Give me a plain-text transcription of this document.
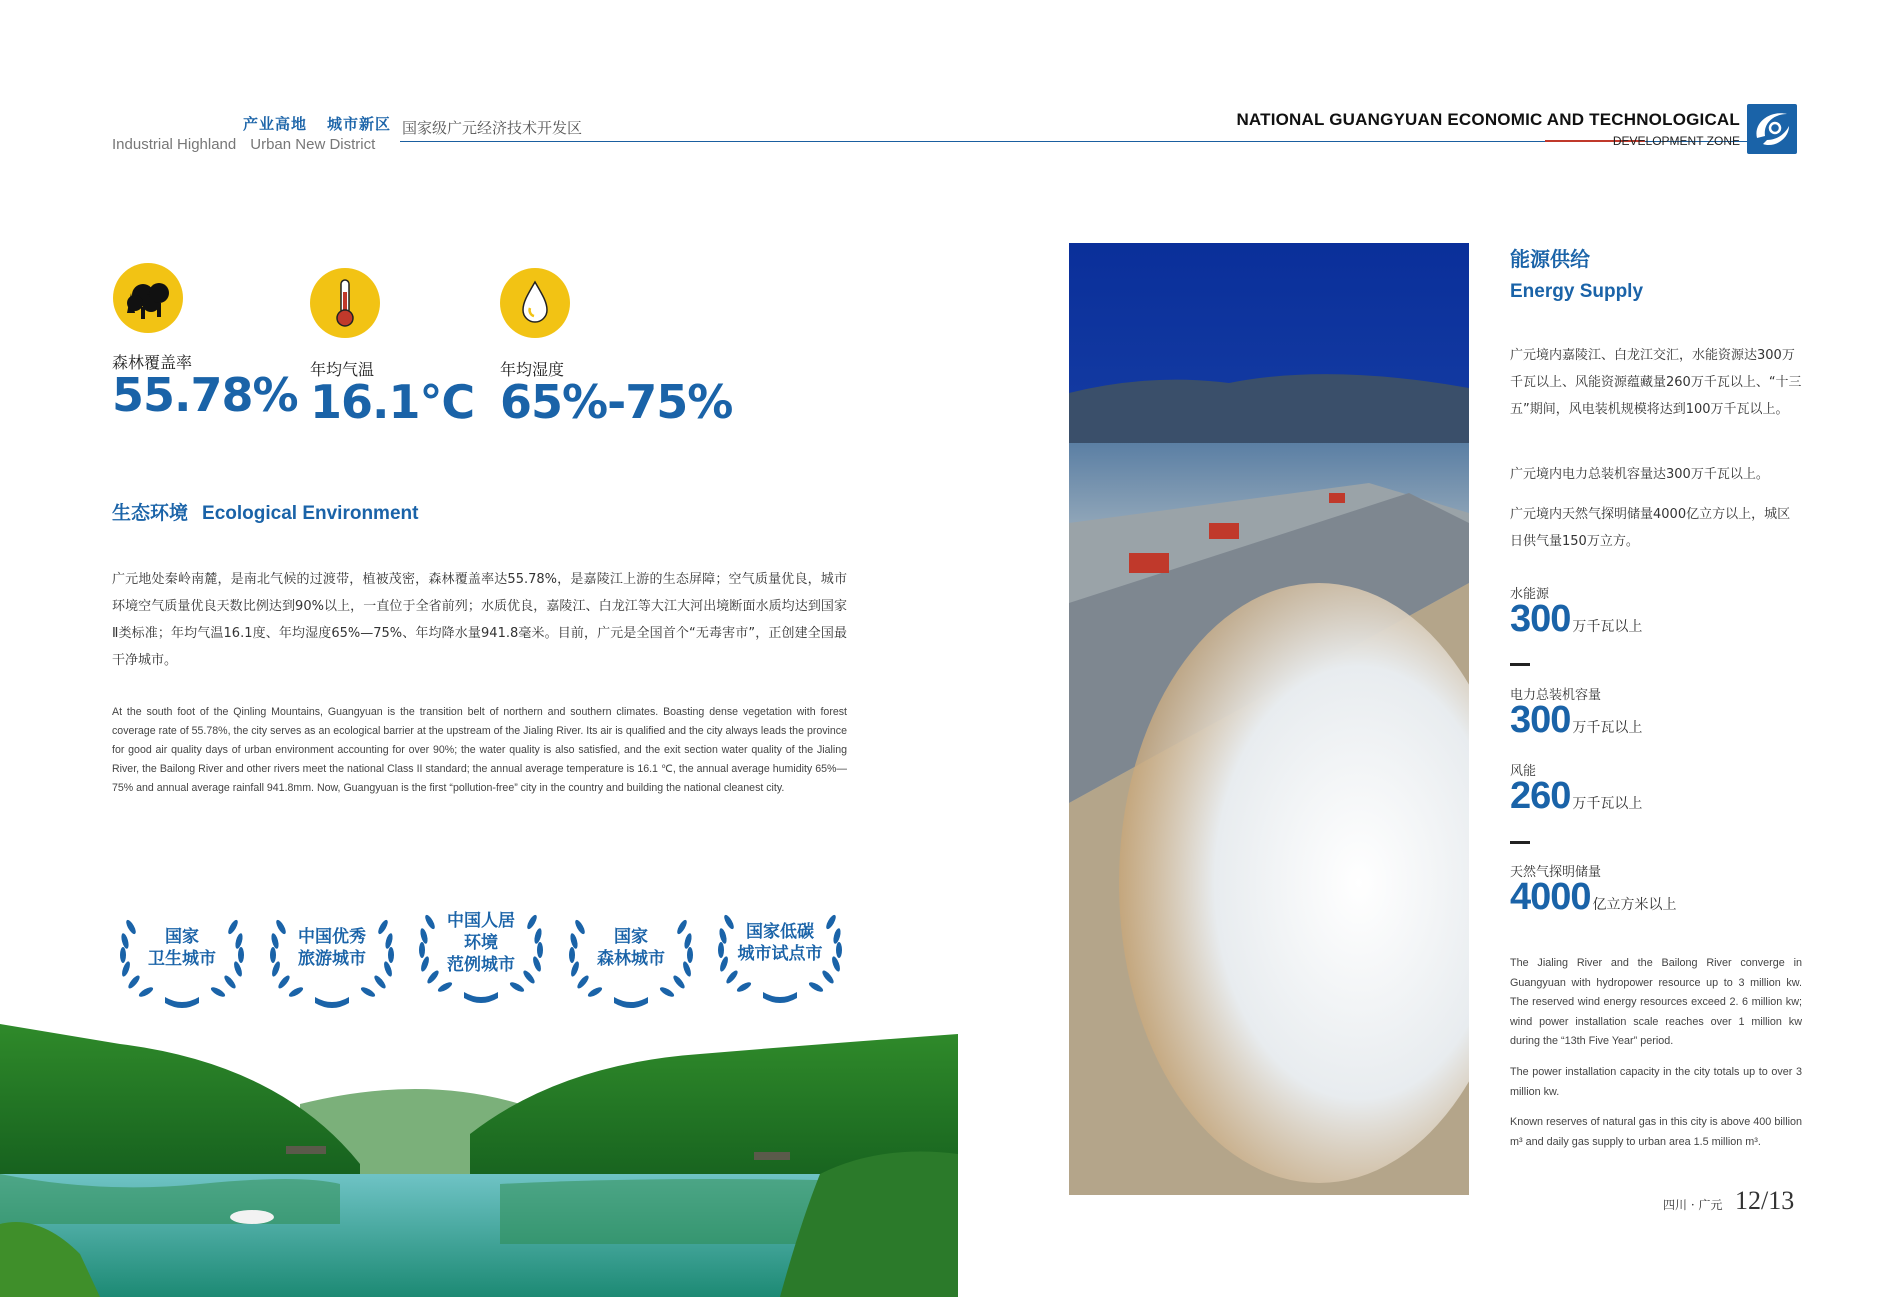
产业高地 城市新区
Industrial Highland Urban New District
国家级广元经济技术开发区	NATIONAL GUANGYUAN ECONOMIC AND TECHNOLOGICAL
DEVELOPMENT ZONE
森林覆盖率
55.78% 年均气温
16.1℃
年均湿度
65%-75%
生态环境 Ecological Environment
广元地处秦岭南麓，是南北气候的过渡带，植被茂密，森林覆盖率达55.78%，是嘉陵江上游的生态屏障；空气质量优良，城市环境空气质量优良天数比例达到90%以上，一直位于全省前列；水质优良，嘉陵江、白龙江等大江大河出境断面水质均达到国家Ⅱ类标准；年均气温16.1度、年均湿度65%—75%、年均降水量941.8毫米。目前，广元是全国首个“无毒害市”，正创建全国最干净城市。
At the south foot of the Qinling Mountains, Guangyuan is the transition belt of northern and southern climates. Boasting dense vegetation with forest coverage rate of 55.78%, the city serves as an ecological barrier at the upstream of the Jialing River. Its air is qualified and the city always leads the province for good air quality days of urban environment accounting for over 90%; the water quality is also satisfied, and the exit section water quality of the Jialing River, the Bailong River and other rivers meet the national Class II standard; the annual average temperature is 16.1 ℃, the annual average humidity 65%—75% and annual average rainfall 941.8mm. Now, Guangyuan is the first “pollution-free” city in the country and building the national cleanest city.
国家
卫生城市
中国优秀
旅游城市
中国人居
环境
范例城市
国家
森林城市
国家低碳
城市试点市
能源供给
Energy Supply
广元境内嘉陵江、白龙江交汇，水能资源达300万千瓦以上、风能资源蕴藏量260万千瓦以上、“十三五”期间，风电装机规模将达到100万千瓦以上。
广元境内电力总装机容量达300万千瓦以上。
广元境内天然气探明储量4000亿立方以上，城区日供气量150万立方。
水能源
300 万千瓦以上
电力总装机容量
300 万千瓦以上
风能
260 万千瓦以上
天然气探明储量
4000 亿立方米以上
The Jialing River and the Bailong River converge in Guangyuan with hydropower resource up to 3 million kw. The reserved wind energy resources exceed 2. 6 million kw; wind power installation scale reaches over 1 million kw during the “13th Five Year” period.
The power installation capacity in the city totals up to over 3 million kw.
Known reserves of natural gas in this city is above 400 billion m³ and daily gas supply to urban area 1.5 million m³.
四川 · 广元 12/13
